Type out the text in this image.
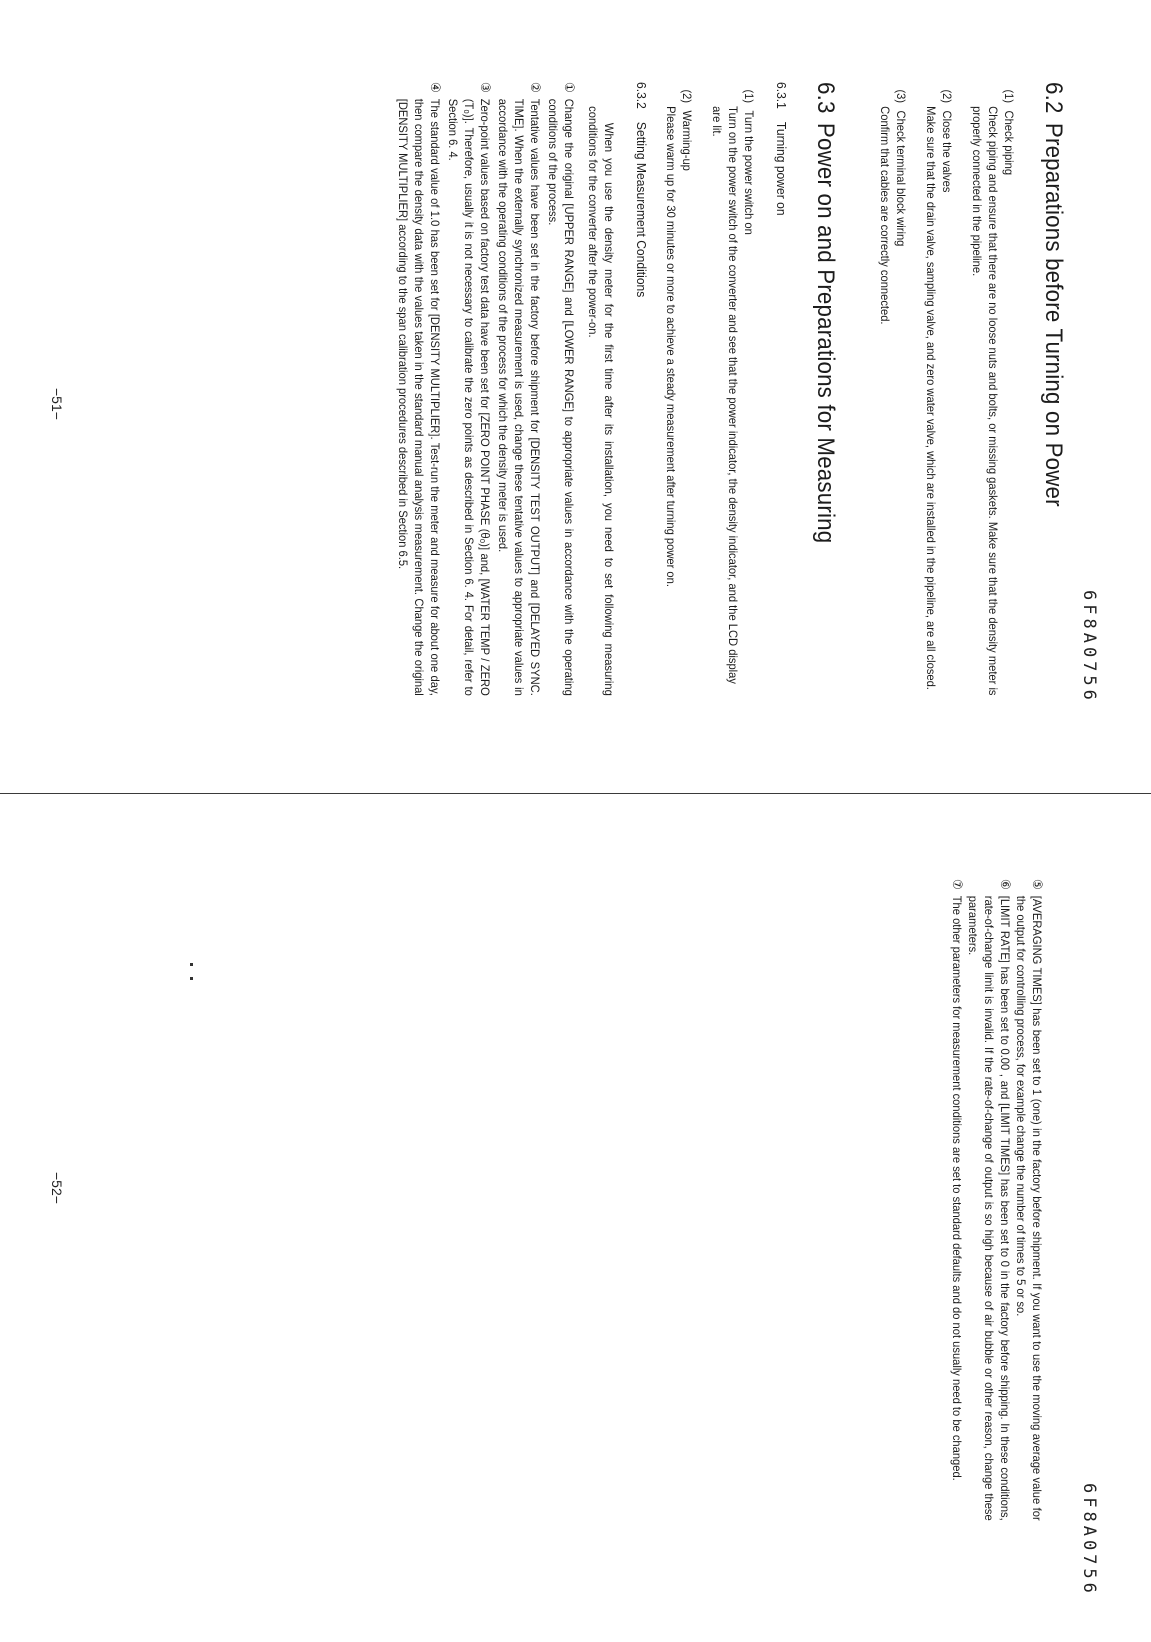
6F8A0756
6.2Preparations before Turning on Power
(1)Check piping
Check piping and ensure that there are no loose nuts and bolts, or missing gaskets. Make sure that the density meter is properly connected in the pipeline.
(2)Close the valves
Make sure that the drain valve, sampling valve, and zero water valve, which are installed in the pipeline, are all closed.
(3)Check terminal block wiring
Confirm that cables are correctly connected.
6.3Power on and Preparations for Measuring
6.3.1Turning power on
(1)Turn the power switch on
Turn on the power switch of the converter and see that the power indicator, the density indicator, and the LCD display are lit.
(2)Warming-up
Please warm up for 30 minutes or more to achieve a steady measurement after turning power on.
6.3.2Setting Measurement Conditions

When you use the density meter for the first time after its installation, you need to set following measuring conditions for the converter after the power-on.

①
Change the original [UPPER RANGE] and [LOWER RANGE] to appropriate values in accordance with the operating conditions of the process.
②
Tentative values have been set in the factory before shipment for [DENSITY TEST OUTPUT] and [DELAYED SYNC. TIME]. When the externally synchronized measurement is used, change these tentative values to appropriate values in accordance with the operating conditions of the process for which the density meter is used.
③
Zero-point values based on factory test data have been set for [ZERO POINT PHASE (θ₀)] and, [WATER TEMP / ZERO (T₀)]. Therefore, usually it is not necessary to calibrate the zero points as described in Section 6. 4. For detail, refer to Section 6. 4.
④
The standard value of 1.0 has been set for [DENSITY MULTIPLIER]. Test-run the meter and measure for about one day, then compare the density data with the values taken in the standard manual analysis measurement. Change the original [DENSITY MULTIPLIER] according to the span calibration procedures described in Section 6.5.
−51−
6F8A0756
⑤
[AVERAGING TIMES] has been set to 1 (one) in the factory before shipment. If you want to use the moving average value for the output for controlling process, for example change the number of times to 5 or so.
⑥
[LIMIT RATE] has been set to 0.00 , and [LIMIT TIMES] has been set to 0 in the factory before shipping. In these conditions, rate-of-change limit is invalid. If the rate-of-change of output is so high because of air bubble or other reason, change these parameters.
⑦
The other parameters for measurement conditions are set to standard defaults and do not usually need to be changed.
−52−
